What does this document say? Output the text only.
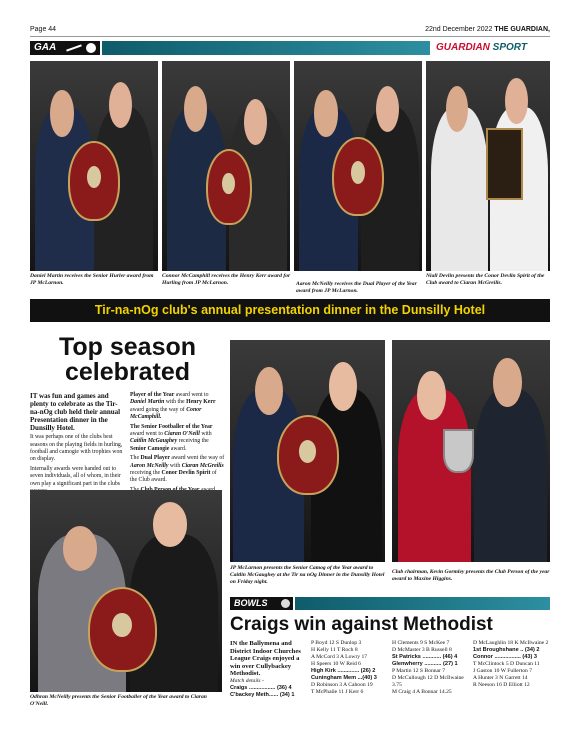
Page 44	22nd December 2022 THE GUARDIAN,
GAA	GUARDIAN SPORT
Daniel Martin receives the Senior Hurler award from JP McLarnon.
Connor McCamphill receives the Henry Kerr award for Hurling from JP McLarnon.	Aaron McNeilly receives the Dual Player of the Year award from JP McLarnon.
Niall Devlin presents the Conor Devlin Spirit of the Club award to Ciaran McGreilis.
Tir-na-nOg club's annual presentation dinner in the Dunsilly Hotel
Top season celebrated

IT was fun and games and plenty to celebrate as the Tir-na-nOg club held their annual Presentation dinner in the Dunsilly Hotel.

It was perhaps one of the clubs best seasons on the playing fields in hurling, football and camogie with trophies won on display.

Internally awards were handed out to seven individuals, all of whom, in their own play a significant part in the clubs

Player of the Year award went to Daniel Martin with the Henry Kerr award going the way of Conor McCamphill.

The Senior Footballer of the Year award went to Ciaran O'Neill with Caitlin McGaughey receiving the Senior Camogie award.

The Dual Player award went the way of Aaron McNeilly with Ciaran McGreilis receiving the Conor Devlin Spirit of the Club award.

JP McLarnon presents the Senior Camog of the Year award to Caitlin McGaughey at the Tir na nOg Dinner in the Dunsilly Hotel on Friday night.
Club chairman, Kevin Gormley presents the Club Person of the year award to Maxine Higgins.
Odhran McNeilly presents the Senior Footballer of the Year award to Ciaran O'Neill.
BOWLS
Craigs win against Methodist
IN the Ballymena and District Indoor Churches League Craigs enjoyed a win over Cullybackey Methodist.
Match details -
Craigs ................. (36) 4
C'backey Meth...... (34) 1
P Boyd 12 S Dunlop 3
H Kelly 11 T Roch 8
A McCord 3 A Lowry 17
H Speers 10 W Reid 6
High Kirk .............. (26) 2
Cuningham Mem ...(40) 3
D Robinson 3 A Cahoon 19
T McPhaile 11 J Kerr 6
H Clements 9 S McKee 7
D McMaster 3 B Russell 8
St Patricks ............ (46) 4
Glenwherry ........... (27) 1
P Martin 12 S Bonnar 7
D McCullough 12 D McIlwaine 3.75
M Craig 4 A Bonnar 14.25
D McLaughlin 18 K McIlwaine 2
1st Broughshane .. (34) 2
Connor ................. (43) 3
T McClintock 5 D Duncan 11
J Gaston 10 W Fullerton 7
A Hunter 3 N Garrett 14
R Neeson 16 D Elliott 12
